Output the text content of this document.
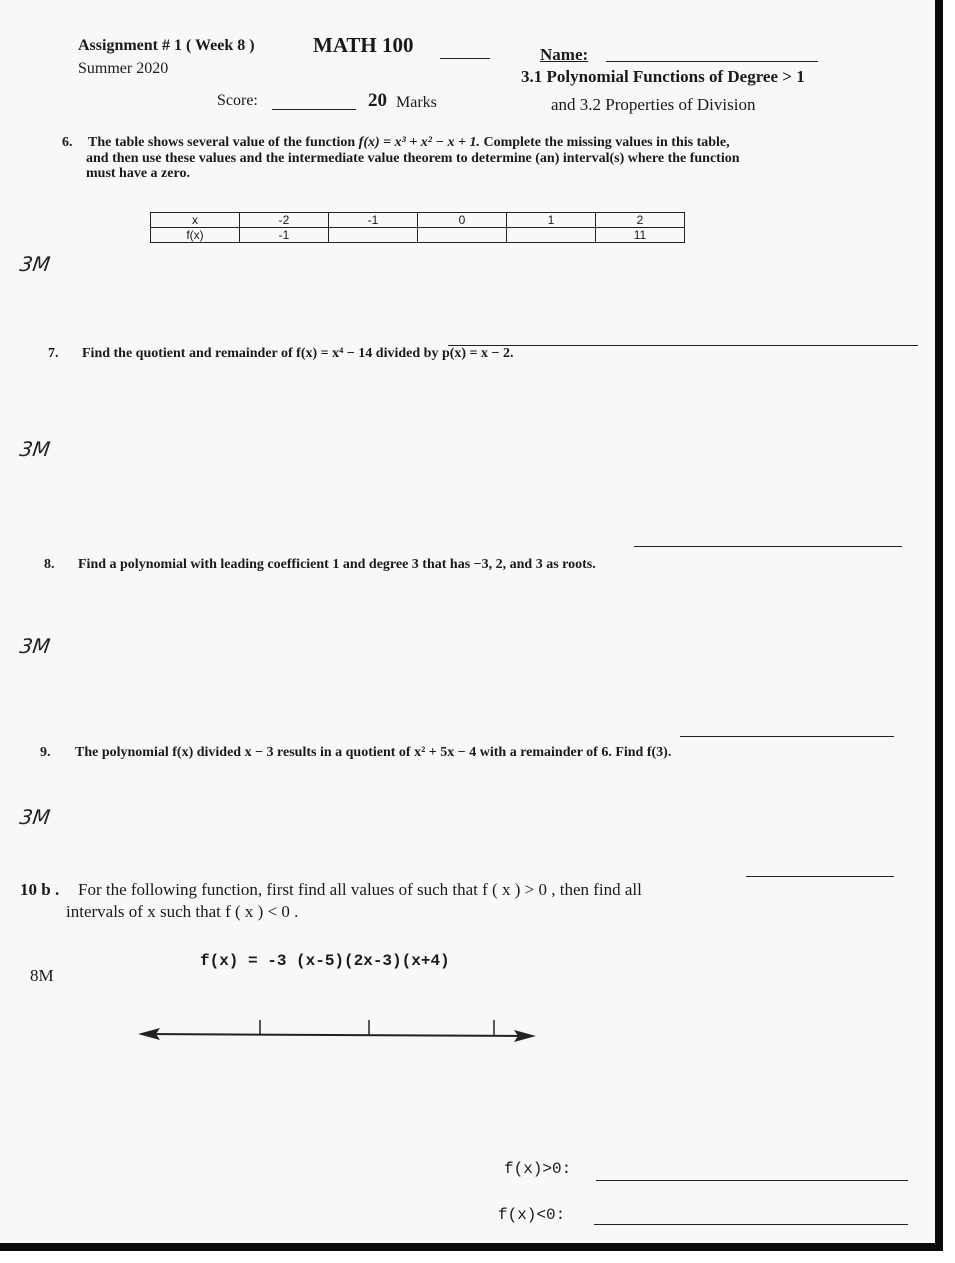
Assignment # 1 ( Week 8 )	MATH 100
Summer 2020
Name:
3.1 Polynomial Functions of Degree > 1
and 3.2 Properties of Division
Score:	20 Marks
6. The table shows several value of the function f(x) = x³ + x² − x + 1. Complete the missing values in this table,
and then use these values and the intermediate value theorem to determine (an) interval(s) where the function
must have a zero.
x	-2	-1	0	1	2
f(x)	-1				11
3M
7. Find the quotient and remainder of f(x) = x⁴ − 14 divided by p(x) = x − 2.
3M
8. Find a polynomial with leading coefficient 1 and degree 3 that has −3, 2, and 3 as roots.
3M
9. The polynomial f(x) divided x − 3 results in a quotient of x² + 5x − 4 with a remainder of 6. Find f(3).
3M
10 b . For the following function, first find all values of such that f ( x ) > 0 , then find all
intervals of x such that f ( x ) < 0 .
f(x) = -3 (x-5)(2x-3)(x+4)
8M
f(x)>0:
f(x)<0:
